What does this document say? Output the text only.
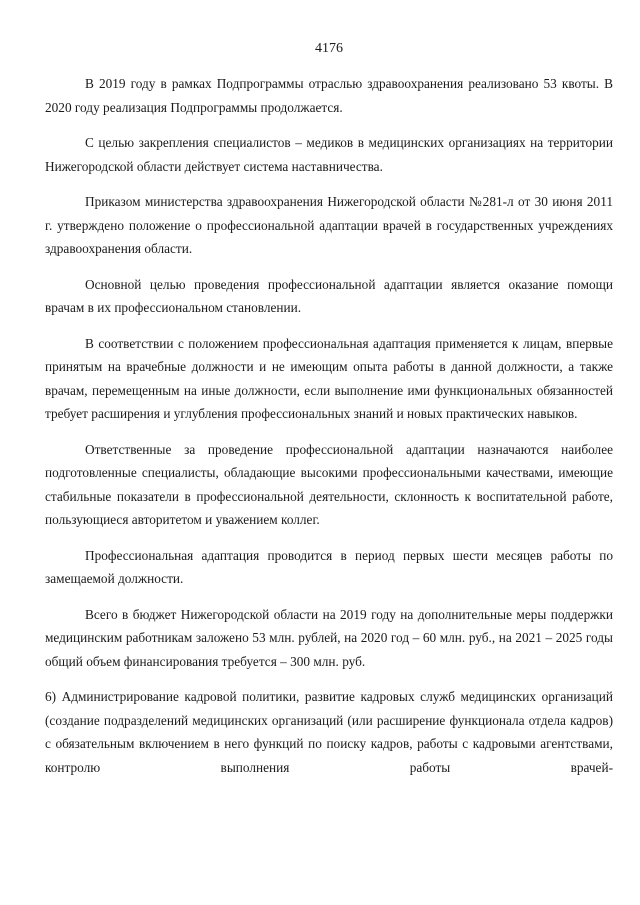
4176

В 2019 году в рамках Подпрограммы отраслью здравоохранения реализовано 53 квоты. В 2020 году реализация Подпрограммы продолжается.

С целью закрепления специалистов – медиков в медицинских организациях на территории Нижегородской области действует система наставничества.

Приказом министерства здравоохранения Нижегородской области №281-л от 30 июня 2011 г. утверждено положение о профессиональной адаптации врачей в государственных учреждениях здравоохранения области.

Основной целью проведения профессиональной адаптации является оказание помощи врачам в их профессиональном становлении.

В соответствии с положением профессиональная адаптация применяется к лицам, впервые принятым на врачебные должности и не имеющим опыта работы в данной должности, а также врачам, перемещенным на иные должности, если выполнение ими функциональных обязанностей требует расширения и углубления профессиональных знаний и новых практических навыков.

Ответственные за проведение профессиональной адаптации назначаются наиболее подготовленные специалисты, обладающие высокими профессиональными качествами, имеющие стабильные показатели в профессиональной деятельности, склонность к воспитательной работе, пользующиеся авторитетом и уважением коллег.

Профессиональная адаптация проводится в период первых шести месяцев работы по замещаемой должности.

Всего в бюджет Нижегородской области на 2019 году на дополнительные меры поддержки медицинским работникам заложено 53 млн. рублей, на 2020 год – 60 млн. руб., на 2021 – 2025 годы общий объем финансирования требуется – 300 млн. руб.

6) Администрирование кадровой политики, развитие кадровых служб медицинских организаций (создание подразделений медицинских организаций (или расширение функционала отдела кадров) с обязательным включением в него функций по поиску кадров, работы с кадровыми агентствами, контролю выполнения работы врачей-
